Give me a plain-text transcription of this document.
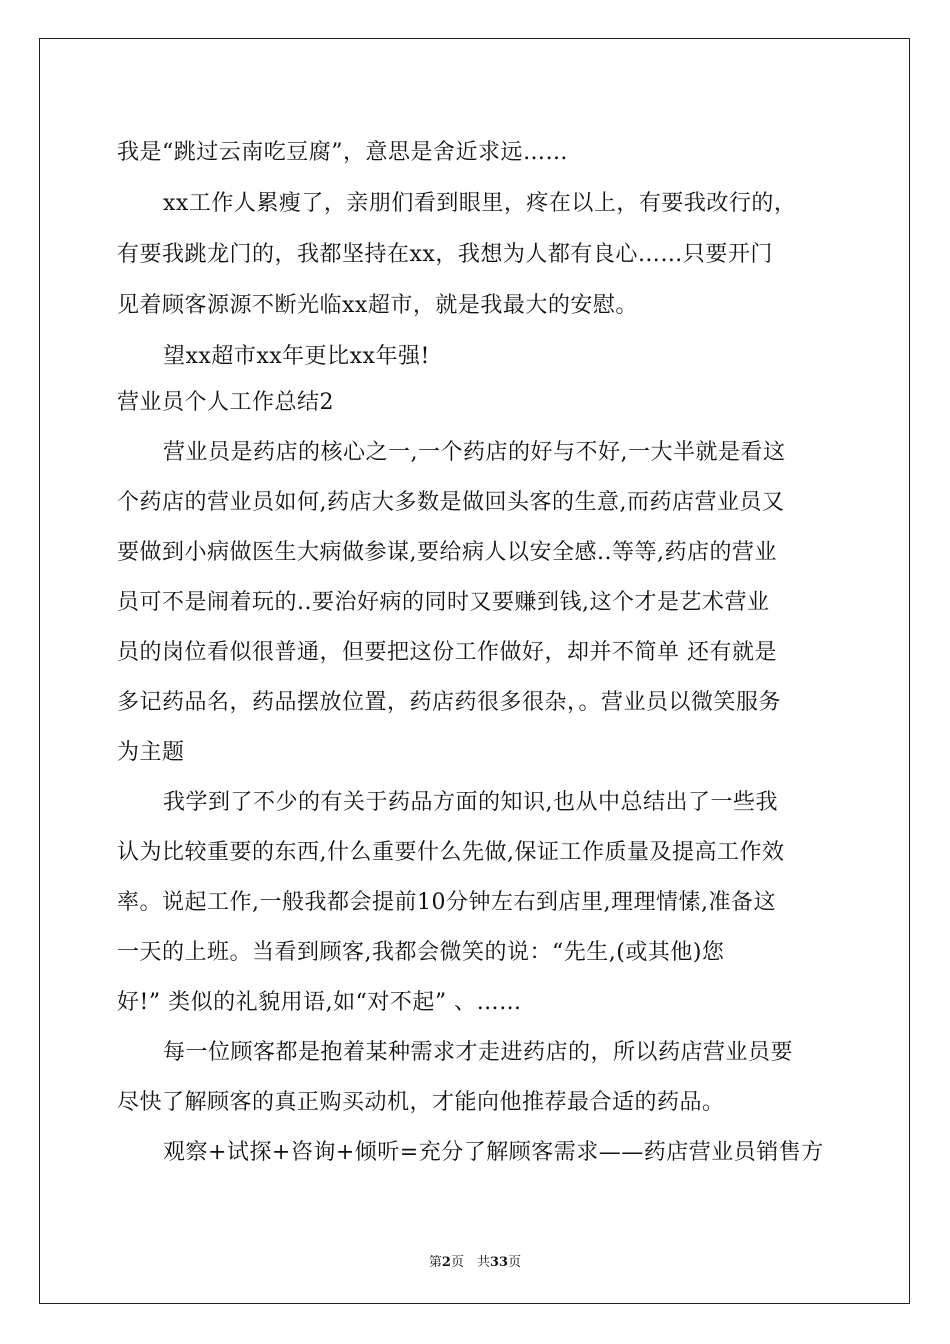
我是“跳过云南吃豆腐”，意思是舍近求远……
xx工作人累瘦了，亲朋们看到眼里，疼在以上，有要我改行的，
有要我跳龙门的，我都坚持在xx，我想为人都有良心……只要开门
见着顾客源源不断光临xx超市，就是我最大的安慰。
望xx超市xx年更比xx年强!
营业员个人工作总结2
营业员是药店的核心之一,一个药店的好与不好,一大半就是看这
个药店的营业员如何,药店大多数是做回头客的生意,而药店营业员又
要做到小病做医生大病做参谋,要给病人以安全感..等等,药店的营业
员可不是闹着玩的..要治好病的同时又要赚到钱,这个才是艺术营业
员的岗位看似很普通，但要把这份工作做好，却并不简单 还有就是
多记药品名，药品摆放位置，药店药很多很杂，。营业员以微笑服务
为主题
我学到了不少的有关于药品方面的知识,也从中总结出了一些我
认为比较重要的东西,什么重要什么先做,保证工作质量及提高工作效
率。说起工作,一般我都会提前10分钟左右到店里,理理情愫,准备这
一天的上班。当看到顾客,我都会微笑的说：“先生,(或其他)您
好!” 类似的礼貌用语,如“对不起” 、……
每一位顾客都是抱着某种需求才走进药店的，所以药店营业员要
尽快了解顾客的真正购买动机，才能向他推荐最合适的药品。
观察+试探+咨询+倾听=充分了解顾客需求——药店营业员销售方
第2页　共33页
